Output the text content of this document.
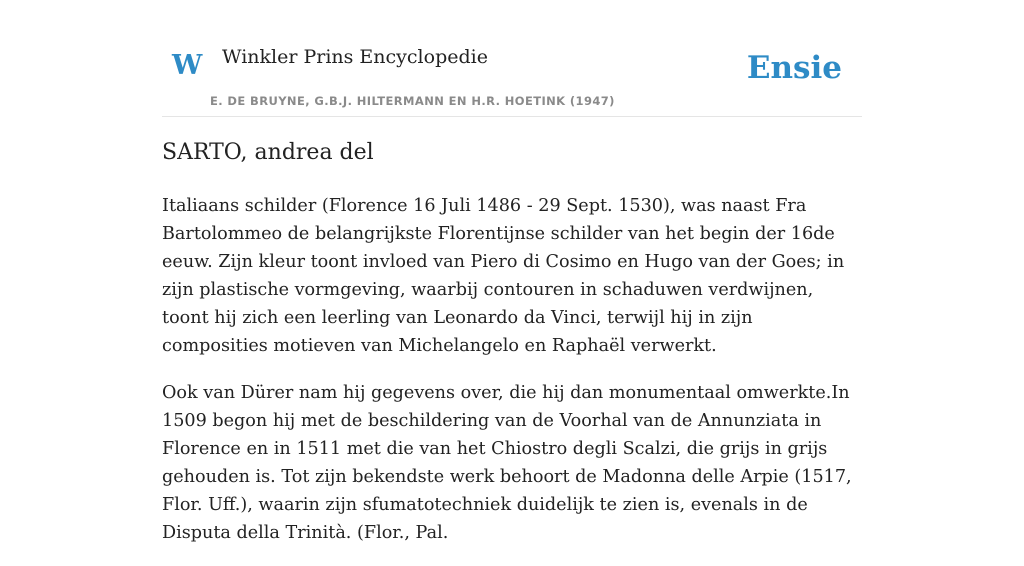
W Winkler Prins Encyclopedie
E. DE BRUYNE, G.B.J. HILTERMANN EN H.R. HOETINK (1947)
Ensie
SARTO, andrea del

Italiaans schilder (Florence 16 Juli 1486 - 29 Sept. 1530), was naast Fra Bartolommeo de belangrijkste Florentijnse schilder van het begin der 16de eeuw. Zijn kleur toont invloed van Piero di Cosimo en Hugo van der Goes; in zijn plastische vormgeving, waarbij contouren in schaduwen verdwijnen, toont hij zich een leerling van Leonardo da Vinci, terwijl hij in zijn composities motieven van Michelangelo en Raphaël verwerkt.

Ook van Dürer nam hij gegevens over, die hij dan monumentaal omwerkte.In 1509 begon hij met de beschildering van de Voorhal van de Annunziata in Florence en in 1511 met die van het Chiostro degli Scalzi, die grijs in grijs gehouden is. Tot zijn bekendste werk behoort de Madonna delle Arpie (1517, Flor. Uff.), waarin zijn sfumatotechniek duidelijk te zien is, evenals in de Disputa della Trinità. (Flor., Pal.
